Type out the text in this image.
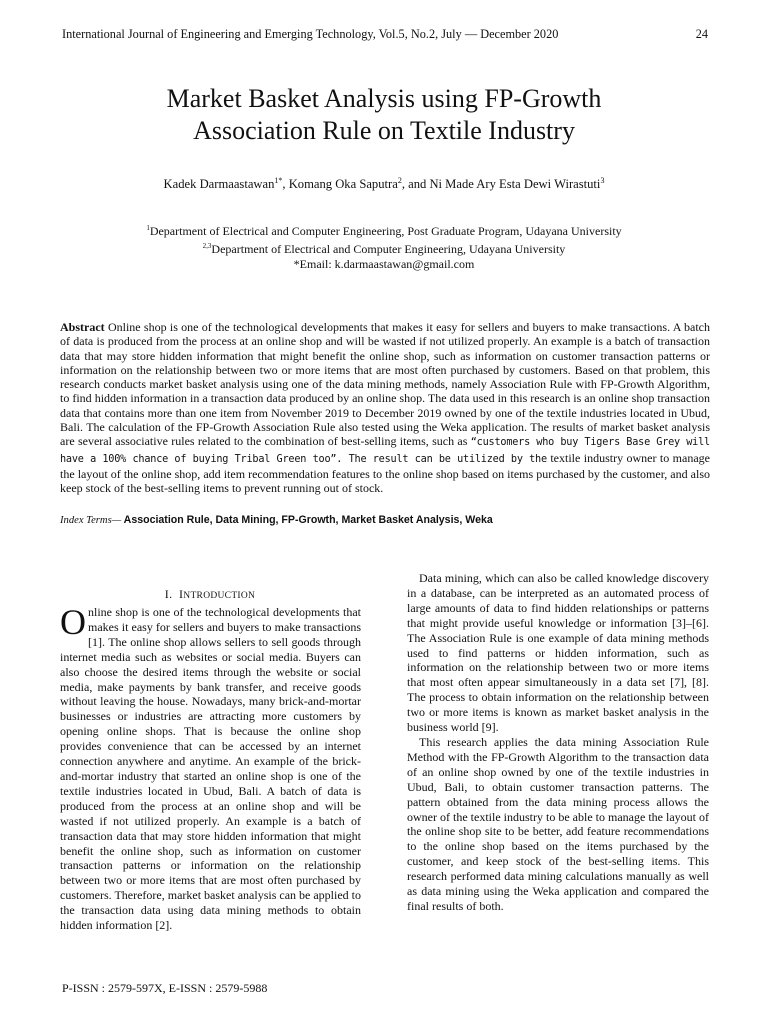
International Journal of Engineering and Emerging Technology, Vol.5, No.2, July — December 2020	24
Market Basket Analysis using FP-Growth
Association Rule on Textile Industry
Kadek Darmaastawan$^{1*}$, Komang Oka Saputra$^2$, and Ni Made Ary Esta Dewi Wirastuti$^3$
$^1$Department of Electrical and Computer Engineering, Post Graduate Program, Udayana University
$^{2,3}$Department of Electrical and Computer Engineering, Udayana University
*Email: k.darmaastawan@gmail.com
Abstract Online shop is one of the technological developments that makes it easy for sellers and buyers to make transactions. A batch of data is produced from the process at an online shop and will be wasted if not utilized properly. An example is a batch of transaction data that may store hidden information that might benefit the online shop, such as information on customer transaction patterns or information on the relationship between two or more items that are most often purchased by customers. Based on that problem, this research conducts market basket analysis using one of the data mining methods, namely Association Rule with FP-Growth Algorithm, to find hidden information in a transaction data produced by an online shop. The data used in this research is an online shop transaction data that contains more than one item from November 2019 to December 2019 owned by one of the textile industries located in Ubud, Bali. The calculation of the FP-Growth Association Rule also tested using the Weka application. The results of market basket analysis are several associative rules related to the combination of best-selling items, such as “customers who buy Tigers Base Grey will have a 100% chance of buying Tribal Green too”. The result can be utilized by the textile industry owner to manage the layout of the online shop, add item recommendation features to the online shop based on items purchased by the customer, and also keep stock of the best-selling items to prevent running out of stock.
Index Terms— Association Rule, Data Mining, FP-Growth, Market Basket Analysis, Weka
I. INTRODUCTION
Online shop is one of the technological developments that makes it easy for sellers and buyers to make transactions [1]. The online shop allows sellers to sell goods through internet media such as websites or social media. Buyers can also choose the desired items through the website or social media, make payments by bank transfer, and receive goods without leaving the house. Nowadays, many brick-and-mortar businesses or industries are attracting more customers by opening online shops. That is because the online shop provides convenience that can be accessed by an internet connection anywhere and anytime. An example of the brick-and-mortar industry that started an online shop is one of the textile industries located in Ubud, Bali. A batch of data is produced from the process at an online shop and will be wasted if not utilized properly. An example is a batch of transaction data that may store hidden information that might benefit the online shop, such as information on customer transaction patterns or information on the relationship between two or more items that are most often purchased by customers. Therefore, market basket analysis can be applied to the transaction data using data mining methods to obtain hidden information [2].

Data mining, which can also be called knowledge discovery in a database, can be interpreted as an automated process of large amounts of data to find hidden relationships or patterns that might provide useful knowledge or information [3]–[6]. The Association Rule is one example of data mining methods used to find patterns or hidden information, such as information on the relationship between two or more items that most often appear simultaneously in a data set [7], [8]. The process to obtain information on the relationship between two or more items is known as market basket analysis in the business world [9].

This research applies the data mining Association Rule Method with the FP-Growth Algorithm to the transaction data of an online shop owned by one of the textile industries in Ubud, Bali, to obtain customer transaction patterns. The pattern obtained from the data mining process allows the owner of the textile industry to be able to manage the layout of the online shop site to be better, add feature recommendations to the online shop based on the items purchased by the customer, and keep stock of the best-selling items. This research performed data mining calculations manually as well as data mining using the Weka application and compared the final results of both.

P-ISSN : 2579-597X, E-ISSN : 2579-5988
